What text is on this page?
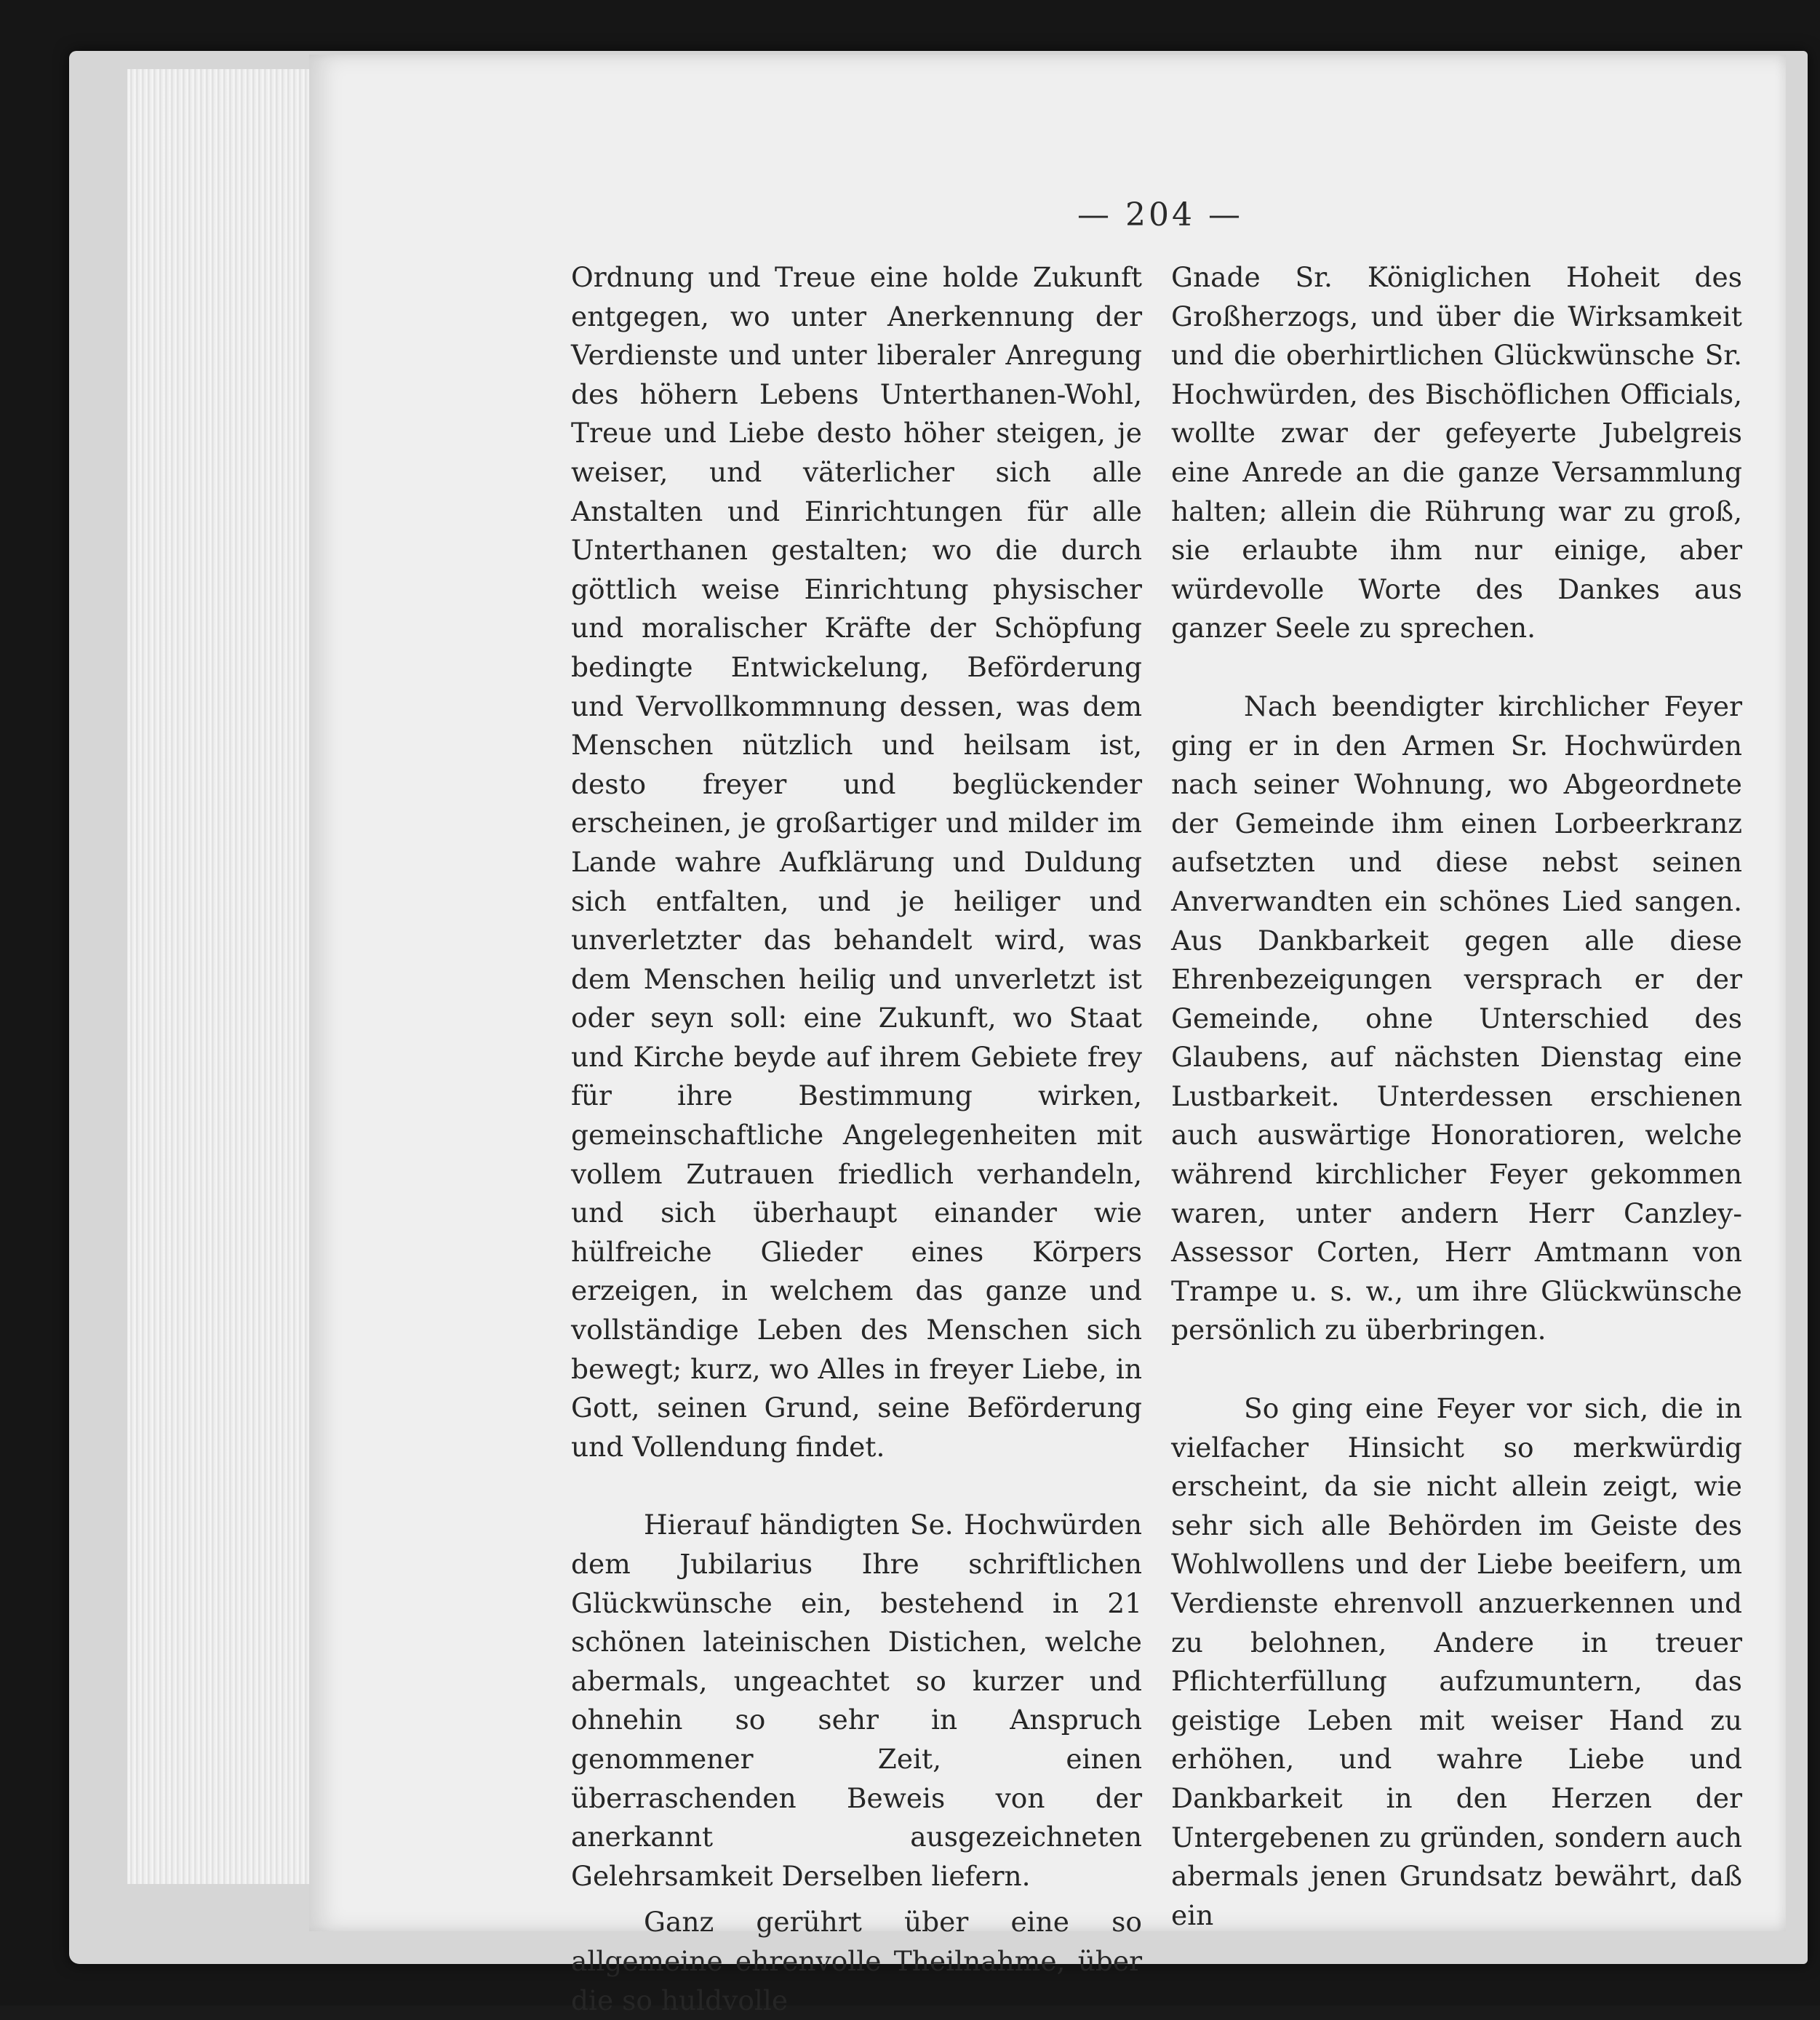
— 204 —

Ordnung und Treue eine holde Zukunft entgegen, wo unter Anerkennung der Verdienste und unter liberaler Anregung des höhern Lebens Unterthanen-Wohl, Treue und Liebe desto höher steigen, je weiser, und väterlicher sich alle Anstalten und Einrichtungen für alle Unterthanen gestalten; wo die durch göttlich weise Einrichtung physischer und moralischer Kräfte der Schöpfung bedingte Entwickelung, Beförderung und Vervollkommnung dessen, was dem Menschen nützlich und heilsam ist, desto freyer und beglückender erscheinen, je großartiger und milder im Lande wahre Aufklärung und Duldung sich entfalten, und je heiliger und unverletzter das behandelt wird, was dem Menschen heilig und unverletzt ist oder seyn soll: eine Zukunft, wo Staat und Kirche beyde auf ihrem Gebiete frey für ihre Bestimmung wirken, gemeinschaftliche Angelegenheiten mit vollem Zutrauen friedlich verhandeln, und sich überhaupt einander wie hülfreiche Glieder eines Körpers erzeigen, in welchem das ganze und vollständige Leben des Menschen sich bewegt; kurz, wo Alles in freyer Liebe, in Gott, seinen Grund, seine Beförderung und Vollendung findet.

Hierauf händigten Se. Hochwürden dem Jubilarius Ihre schriftlichen Glückwünsche ein, bestehend in 21 schönen lateinischen Distichen, welche abermals, ungeachtet so kurzer und ohnehin so sehr in Anspruch genommener Zeit, einen überraschenden Beweis von der anerkannt ausgezeichneten Gelehrsamkeit Derselben liefern.

Ganz gerührt über eine so allgemeine ehrenvolle Theilnahme, über die so huldvolle

Gnade Sr. Königlichen Hoheit des Großherzogs, und über die Wirksamkeit und die oberhirtlichen Glückwünsche Sr. Hochwürden, des Bischöflichen Officials, wollte zwar der gefeyerte Jubelgreis eine Anrede an die ganze Versammlung halten; allein die Rührung war zu groß, sie erlaubte ihm nur einige, aber würdevolle Worte des Dankes aus ganzer Seele zu sprechen.

Nach beendigter kirchlicher Feyer ging er in den Armen Sr. Hochwürden nach seiner Wohnung, wo Abgeordnete der Gemeinde ihm einen Lorbeerkranz aufsetzten und diese nebst seinen Anverwandten ein schönes Lied sangen. Aus Dankbarkeit gegen alle diese Ehrenbezeigungen versprach er der Gemeinde, ohne Unterschied des Glaubens, auf nächsten Dienstag eine Lustbarkeit. Unterdessen erschienen auch auswärtige Honoratioren, welche während kirchlicher Feyer gekommen waren, unter andern Herr Canzley-Assessor Corten, Herr Amtmann von Trampe u. s. w., um ihre Glückwünsche persönlich zu überbringen.

So ging eine Feyer vor sich, die in vielfacher Hinsicht so merkwürdig erscheint, da sie nicht allein zeigt, wie sehr sich alle Behörden im Geiste des Wohlwollens und der Liebe beeifern, um Verdienste ehrenvoll anzuerkennen und zu belohnen, Andere in treuer Pflichterfüllung aufzumuntern, das geistige Leben mit weiser Hand zu erhöhen, und wahre Liebe und Dankbarkeit in den Herzen der Untergebenen zu gründen, sondern auch abermals jenen Grundsatz bewährt, daß ein
